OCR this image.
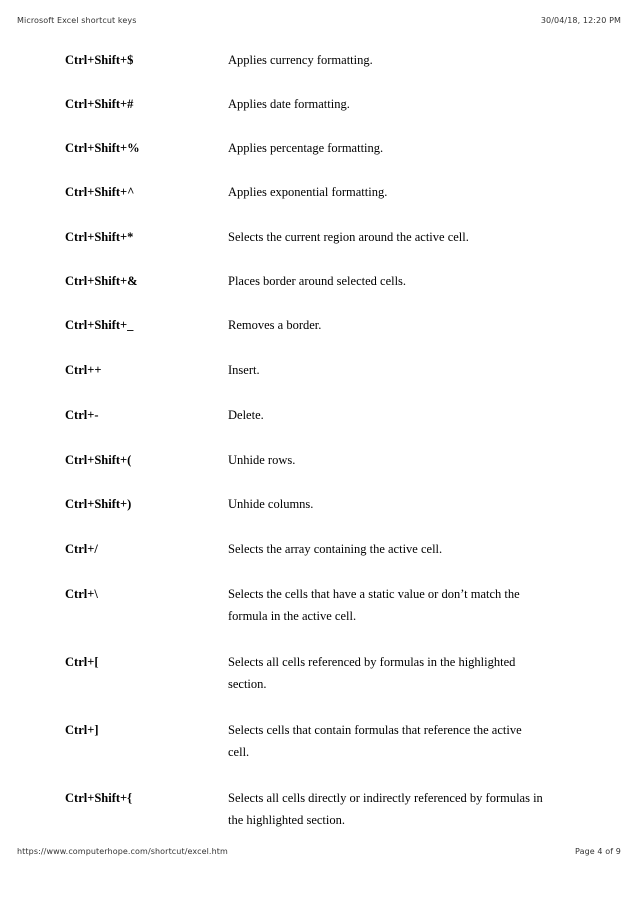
Microsoft Excel shortcut keys	30/04/18, 12:20 PM
Ctrl+Shift+$	Applies currency formatting.
Ctrl+Shift+#	Applies date formatting.
Ctrl+Shift+%	Applies percentage formatting.
Ctrl+Shift+^	Applies exponential formatting.
Ctrl+Shift+*	Selects the current region around the active cell.
Ctrl+Shift+&	Places border around selected cells.
Ctrl+Shift+_	Removes a border.
Ctrl++	Insert.
Ctrl+-	Delete.
Ctrl+Shift+(	Unhide rows.
Ctrl+Shift+)	Unhide columns.
Ctrl+/	Selects the array containing the active cell.
Ctrl+\	Selects the cells that have a static value or don’t match the
formula in the active cell.
Ctrl+[	Selects all cells referenced by formulas in the highlighted
section.
Ctrl+]	Selects cells that contain formulas that reference the active
cell.
Ctrl+Shift+{	Selects all cells directly or indirectly referenced by formulas in
the highlighted section.
https://www.computerhope.com/shortcut/excel.htm	Page 4 of 9
